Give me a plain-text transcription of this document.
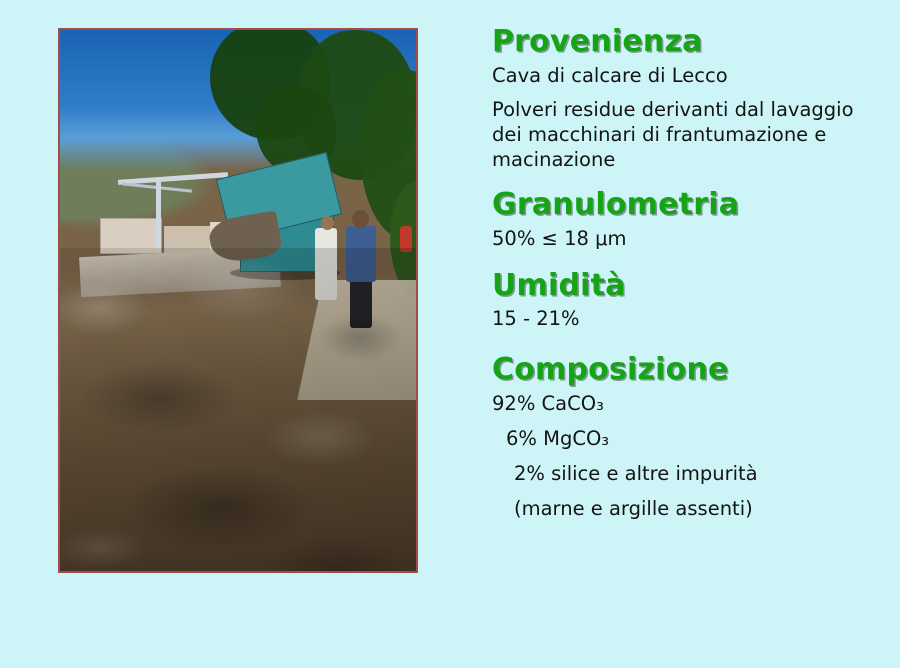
Provenienza

Cava di calcare di Lecco

Polveri residue derivanti dal lavaggio dei macchinari di frantumazione e macinazione

Granulometria

50% ≤ 18 μm

Umidità

15 - 21%

Composizione

92% CaCO₃

6% MgCO₃

2% silice e altre impurità

(marne e argille assenti)
